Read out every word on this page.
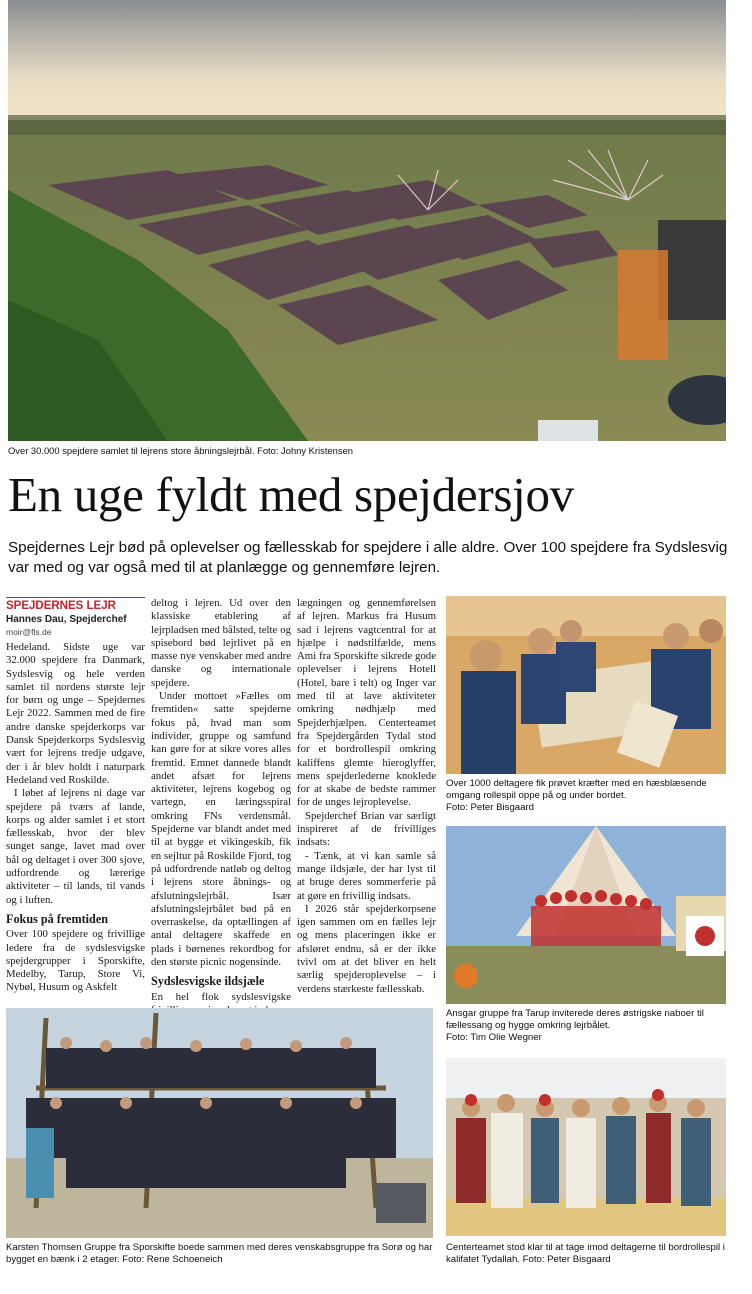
Over 30.000 spejdere samlet til lejrens store åbningslejrbål. Foto: Johny Kristensen
En uge fyldt med spejdersjov
Spejdernes Lejr bød på oplevelser og fællesskab for spejdere i alle aldre. Over 100 spejdere fra Sydslesvig var med og var også med til at planlægge og gennemføre lejren.
SPEJDERNES LEJR
Hannes Dau, Spejderchef
moir@fls.de

Hedeland. Sidste uge var 32.000 spejdere fra Danmark, Sydslesvig og hele verden samlet til nordens største lejr for børn og unge – Spejdernes Lejr 2022. Sammen med de fire andre danske spejderkorps var Dansk Spejderkorps Sydslesvig vært for lejrens tredje udgave, der i år blev holdt i naturpark Hedeland ved Roskilde.

I løbet af lejrens ni dage var spejdere på tværs af lande, korps og alder samlet i et stort fællesskab, hvor der blev sunget sange, lavet mad over bål og deltaget i over 300 sjove, udfordrende og lærerige aktiviteter – til lands, til vands og i luften.

Fokus på fremtiden

Over 100 spejdere og frivillige ledere fra de sydslesvigske spejdergrupper i Sporskifte, Medelby, Tarup, Store Vi, Nybøl, Husum og Askfelt

deltog i lejren. Ud over den klassiske etablering af lejrpladsen med bålsted, telte og spisebord bød lejrlivet på en masse nye venskaber med andre danske og internationale spejdere.

Under mottoet »Fælles om fremtiden« satte spejderne fokus på, hvad man som individer, gruppe og samfund kan gøre for at sikre vores alles fremtid. Emnet dannede blandt andet afsæt for lejrens aktiviteter, lejrens kogebog og vartegn, en læringsspiral omkring FNs verdensmål. Spejderne var blandt andet med til at bygge et vikingeskib, fik en sejltur på Roskilde Fjord, tog på udfordrende natløb og deltog i lejrens store åbnings- og afslutningslejrbål. Især afslutningslejrbålet bød på en overraskelse, da optællingen af antal deltagere skaffede en plads i børnenes rekordbog for den største picnic nogensinde.

Sydslesvigske ildsjæle

En hel flok sydslesvigske

lægningen og gennemførelsen af lejren. Markus fra Husum sad i lejrens vagtcentral for at hjælpe i nødstilfælde, mens Ami fra Sporskifte sikrede gode oplevelser i lejrens Hotell (Hotel, bare i telt) og Inger var med til at lave aktiviteter omkring nødhjælp med Spejderhjælpen. Centerteamet fra Spejdergården Tydal stod for et bordrollespil omkring kaliffens glemte hieroglyffer, mens spejderlederne knoklede for at skabe de bedste rammer for de unges lejroplevelse.

Spejderchef Brian var særligt inspireret af de frivilliges indsats:

- Tænk, at vi kan samle så mange ildsjæle, der har lyst til at bruge deres sommerferie på at gøre en frivillig indsats.

I 2026 står spejderkorpsene igen sammen om en fælles lejr og mens placeringen ikke er afsløret endnu, så er der ikke tvivl om at det bliver en helt særlig spejderoplevelse – i verdens stærkeste fællesskab.

Over 1000 deltagere fik prøvet kræfter med en hæsblæsende omgang rollespil oppe på og under bordet.
Foto: Peter Bisgaard
Ansgar gruppe fra Tarup inviterede deres østrigske naboer til fællessang og hygge omkring lejrbålet.
Foto: Tim Olie Wegner
Karsten Thomsen Gruppe fra Sporskifte boede sammen med deres venskabsgruppe fra Sorø og har bygget en bænk i 2 etager. Foto: Rene Schoeneich
Centerteamet stod klar til at tage imod deltagerne til bordrollespil i kalifatet Tydallah. Foto: Peter Bisgaard
